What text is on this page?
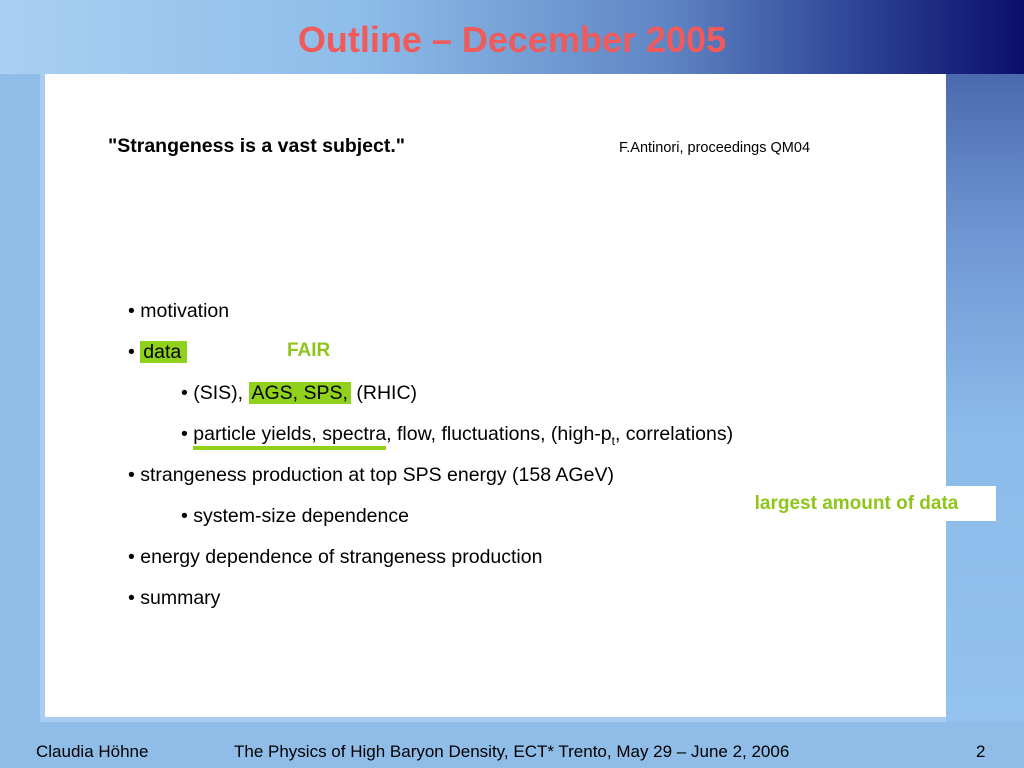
Outline – December 2005
"Strangeness is a vast subject."	F.Antinori, proceedings QM04
• motivation
• data	FAIR
• (SIS), AGS, SPS, (RHIC)
• particle yields, spectra, flow, fluctuations, ($high-p_t$, correlations)
• strangeness production at top SPS energy (158 AGeV)
• system-size dependence
• energy dependence of strangeness production
• summary
largest amount of data
Claudia Höhne	The Physics of High Baryon Density, ECT* Trento, May 29 – June 2, 2006	2
